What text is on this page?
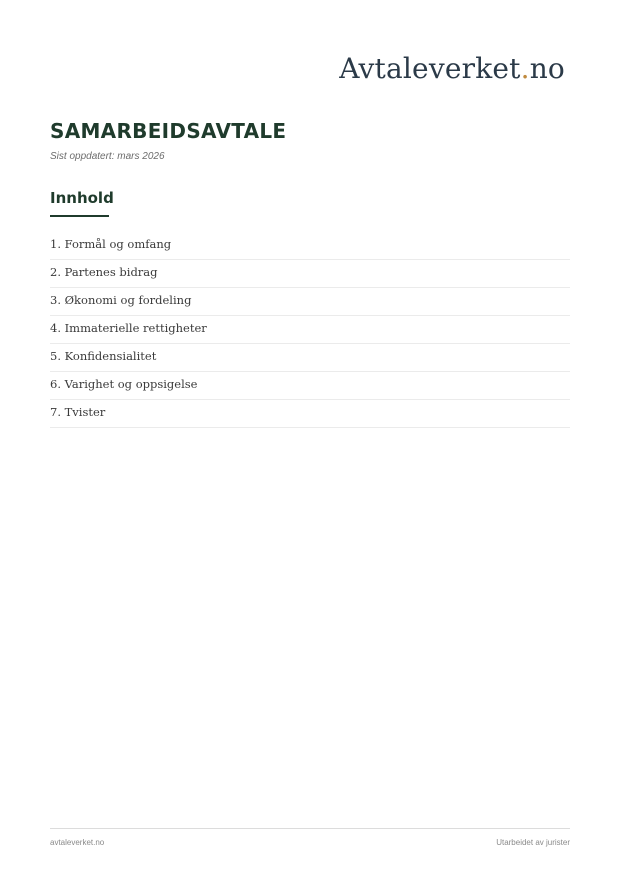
Avtaleverket.no
SAMARBEIDSAVTALE
Sist oppdatert: mars 2026
Innhold
1. Formål og omfang
2. Partenes bidrag
3. Økonomi og fordeling
4. Immaterielle rettigheter
5. Konfidensialitet
6. Varighet og oppsigelse
7. Tvister
avtaleverket.no	Utarbeidet av jurister
